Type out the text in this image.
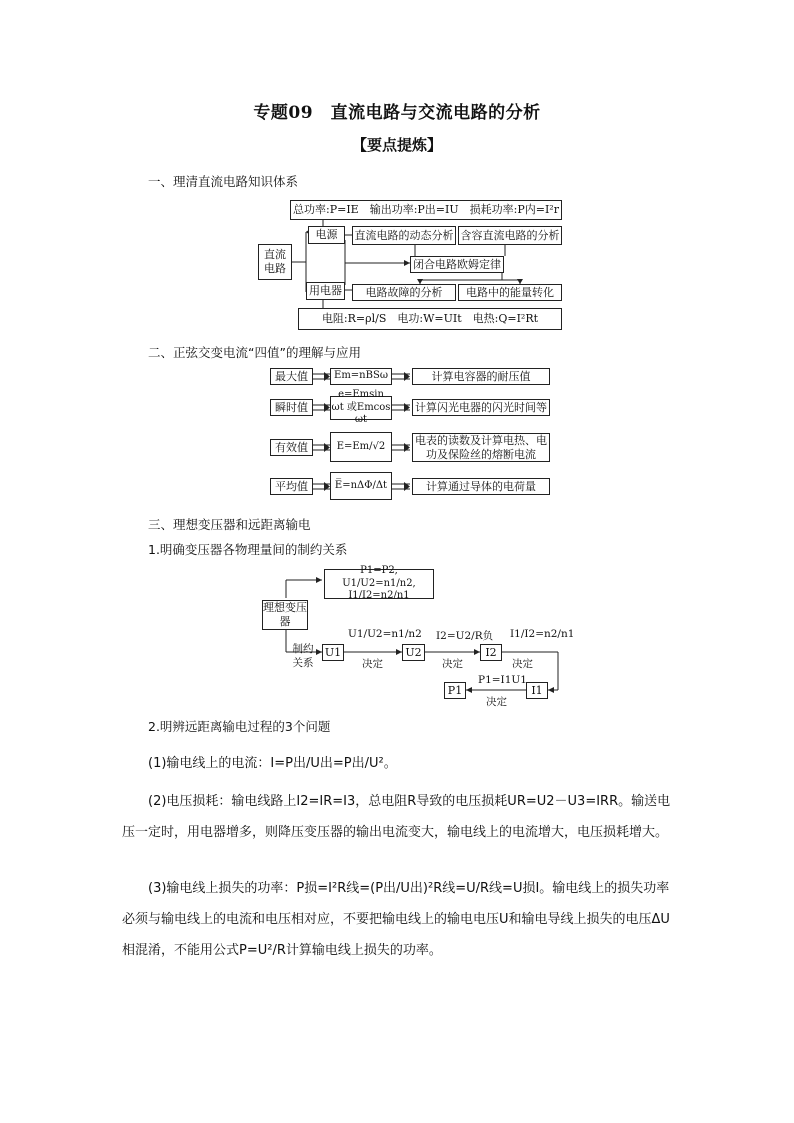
专题09　直流电路与交流电路的分析
【要点提炼】
一、理清直流电路知识体系
总功率:P=IE　输出功率:P出=IU　损耗功率:P内=I²r
直流电路
电源
用电器
直流电路的动态分析 含容直流电路的分析
闭合电路欧姆定律
电路故障的分析	电路中的能量转化
电阻:R=ρl/S　电功:W=UIt　电热:Q=I²Rt
二、正弦交变电流“四值”的理解与应用
最大值	Em=nBSω	计算电容器的耐压值
瞬时值
e=Emsin ωt 或Emcos ωt
计算闪光电器的闪光时间等
有效值	E=Em/√2	电表的读数及计算电热、电功及保险丝的熔断电流
平均值	E̅=nΔΦ/Δt	计算通过导体的电荷量
三、理想变压器和远距离输电
1.明确变压器各物理量间的制约关系
P1=P2, U1/U2=n1/n2, I1/I2=n2/n1
理想变压器
制约关系
U1	U2	I2
I1
P1
U1/U2=n1/n2 I2=U2/R负 I1/I2=n2/n1
P1=I1U1
决定	决定	决定
决定
2.明辨远距离输电过程的3个问题
(1)输电线上的电流：I=P出/U出=P出/U²。
(2)电压损耗：输电线路上I2=IR=I3，总电阻R导致的电压损耗UR=U2－U3=IRR。输送电压一定时，用电器增多，则降压变压器的输出电流变大，输电线上的电流增大，电压损耗增大。
(3)输电线上损失的功率：P损=I²R线=(P出/U出)²R线=U/R线=U损I。输电线上的损失功率必须与输电线上的电流和电压相对应，不要把输电线上的输电电压U和输电导线上损失的电压ΔU相混淆，不能用公式P=U²/R计算输电线上损失的功率。
